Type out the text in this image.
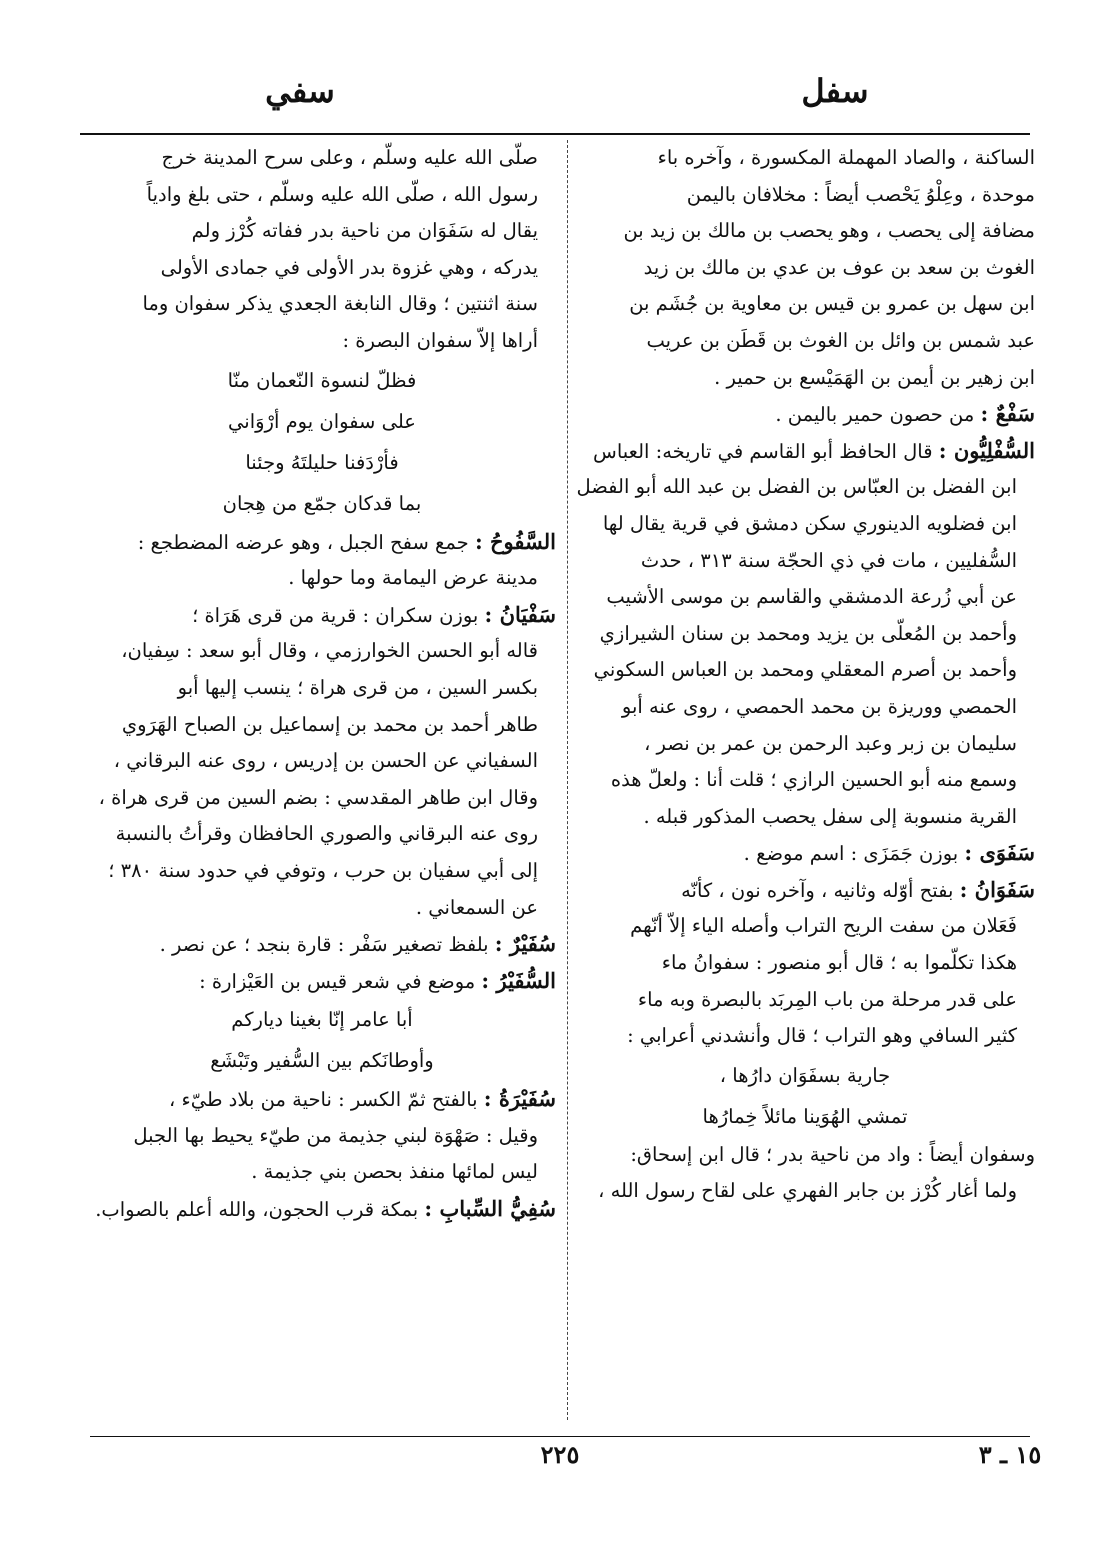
سفل
سفي
الساكنة ، والصاد المهملة المكسورة ، وآخره باء
موحدة ، وعِلْوُ يَحْصب أيضاً : مخلافان باليمن
مضافة إلى يحصب ، وهو يحصب بن مالك بن زيد بن
الغوث بن سعد بن عوف بن عدي بن مالك بن زيد
ابن سهل بن عمرو بن قيس بن معاوية بن جُشَم بن
عبد شمس بن وائل بن الغوث بن قَطَن بن عريب
ابن زهير بن أيمن بن الهَمَيْسع بن حمير .
سَفْعٌ : من حصون حمير باليمن .
السُّفْلِيُّون : قال الحافظ أبو القاسم في تاريخه: العباس
ابن الفضل بن العبّاس بن الفضل بن عبد الله أبو الفضل
ابن فضلويه الدينوري سكن دمشق في قرية يقال لها
السُّفليين ، مات في ذي الحجّة سنة ٣١٣ ، حدث
عن أبي زُرعة الدمشقي والقاسم بن موسى الأشيب
وأحمد بن المُعلّى بن يزيد ومحمد بن سنان الشيرازي
وأحمد بن أصرم المعقلي ومحمد بن العباس السكوني
الحمصي ووريزة بن محمد الحمصي ، روى عنه أبو
سليمان بن زبر وعبد الرحمن بن عمر بن نصر ،
وسمع منه أبو الحسين الرازي ؛ قلت أنا : ولعلّ هذه
القرية منسوبة إلى سفل يحصب المذكور قبله .
سَفَوَى : بوزن جَمَزَى : اسم موضع .
سَفَوَانُ : بفتح أوّله وثانيه ، وآخره نون ، كأنّه
فَعَلان من سفت الريح التراب وأصله الياء إلاّ أنّهم
هكذا تكلّموا به ؛ قال أبو منصور : سفوانُ ماء
على قدر مرحلة من باب المِربَد بالبصرة وبه ماء
كثير السافي وهو التراب ؛ قال وأنشدني أعرابي :
جارية بسفَوَان دارُها ،
تمشي الهُوَينا مائلاً خِمارُها
وسفوان أيضاً : واد من ناحية بدر ؛ قال ابن إسحاق:
ولما أغار كُرْز بن جابر الفهري على لقاح رسول الله ،
صلّى الله عليه وسلّم ، وعلى سرح المدينة خرج
رسول الله ، صلّى الله عليه وسلّم ، حتى بلغ وادياً
يقال له سَفَوَان من ناحية بدر ففاته كُرْز ولم
يدركه ، وهي غزوة بدر الأولى في جمادى الأولى
سنة اثنتين ؛ وقال النابغة الجعدي يذكر سفوان وما
أراها إلاّ سفوان البصرة :
فظلّ لنسوة النّعمان منّا
على سفوان يوم أرْوَاني
فأرْدَفنا حليلتَهُ وجئنا
بما قدكان جمّع من هِجان
السَّفُوحُ : جمع سفح الجبل ، وهو عرضه المضطجع :
مدينة عرض اليمامة وما حولها .
سَفْيَانُ : بوزن سكران : قرية من قرى هَرَاة ؛
قاله أبو الحسن الخوارزمي ، وقال أبو سعد : سِفيان،
بكسر السين ، من قرى هراة ؛ ينسب إليها أبو
طاهر أحمد بن محمد بن إسماعيل بن الصباح الهَرَوي
السفياني عن الحسن بن إدريس ، روى عنه البرقاني ،
وقال ابن طاهر المقدسي : بضم السين من قرى هراة ،
روى عنه البرقاني والصوري الحافظان وقرأتُ بالنسبة
إلى أبي سفيان بن حرب ، وتوفي في حدود سنة ٣٨٠ ؛
عن السمعاني .
سُفَيْرٌ : بلفظ تصغير سَفْر : قارة بنجد ؛ عن نصر .
السُّفَيْرُ : موضع في شعر قيس بن العَيْزارة :
أبا عامر إنّا بغينا دياركم
وأوطانَكم بين السُّفير وتَبْشَع
سُفَيْرَةُ : بالفتح ثمّ الكسر : ناحية من بلاد طيّء ،
وقيل : صَهْوَة لبني جذيمة من طيّء يحيط بها الجبل
ليس لمائها منفذ بحصن بني جذيمة .
سُفِيُّ السِّبابِ : بمكة قرب الحجون، والله أعلم بالصواب.
٢٢٥	١٥ ـ ٣
